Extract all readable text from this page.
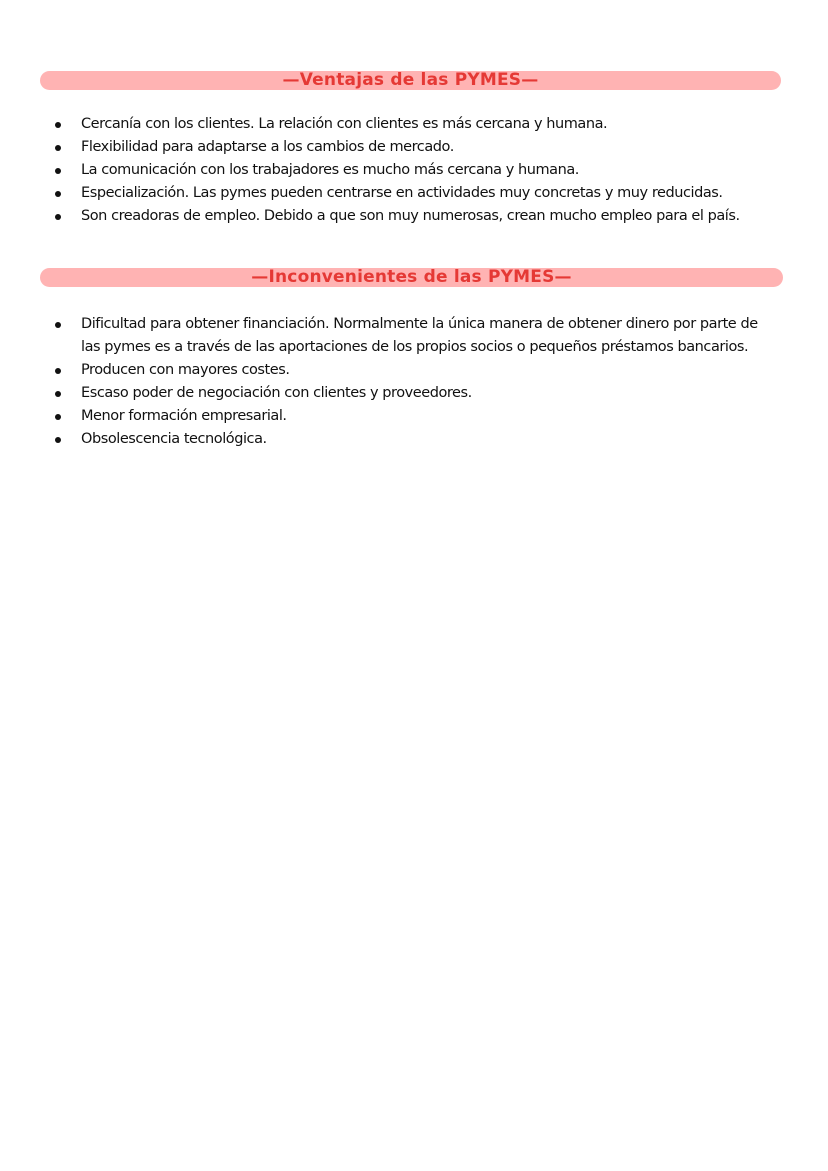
—Ventajas de las PYMES—
Cercanía con los clientes. La relación con clientes es más cercana y humana.
Flexibilidad para adaptarse a los cambios de mercado.
La comunicación con los trabajadores es mucho más cercana y humana.
Especialización. Las pymes pueden centrarse en actividades muy concretas y muy reducidas.
Son creadoras de empleo. Debido a que son muy numerosas, crean mucho empleo para el país.
—Inconvenientes de las PYMES—
Dificultad para obtener financiación. Normalmente la única manera de obtener dinero por parte de las pymes es a través de las aportaciones de los propios socios o pequeños préstamos bancarios.
Producen con mayores costes.
Escaso poder de negociación con clientes y proveedores.
Menor formación empresarial.
Obsolescencia tecnológica.
